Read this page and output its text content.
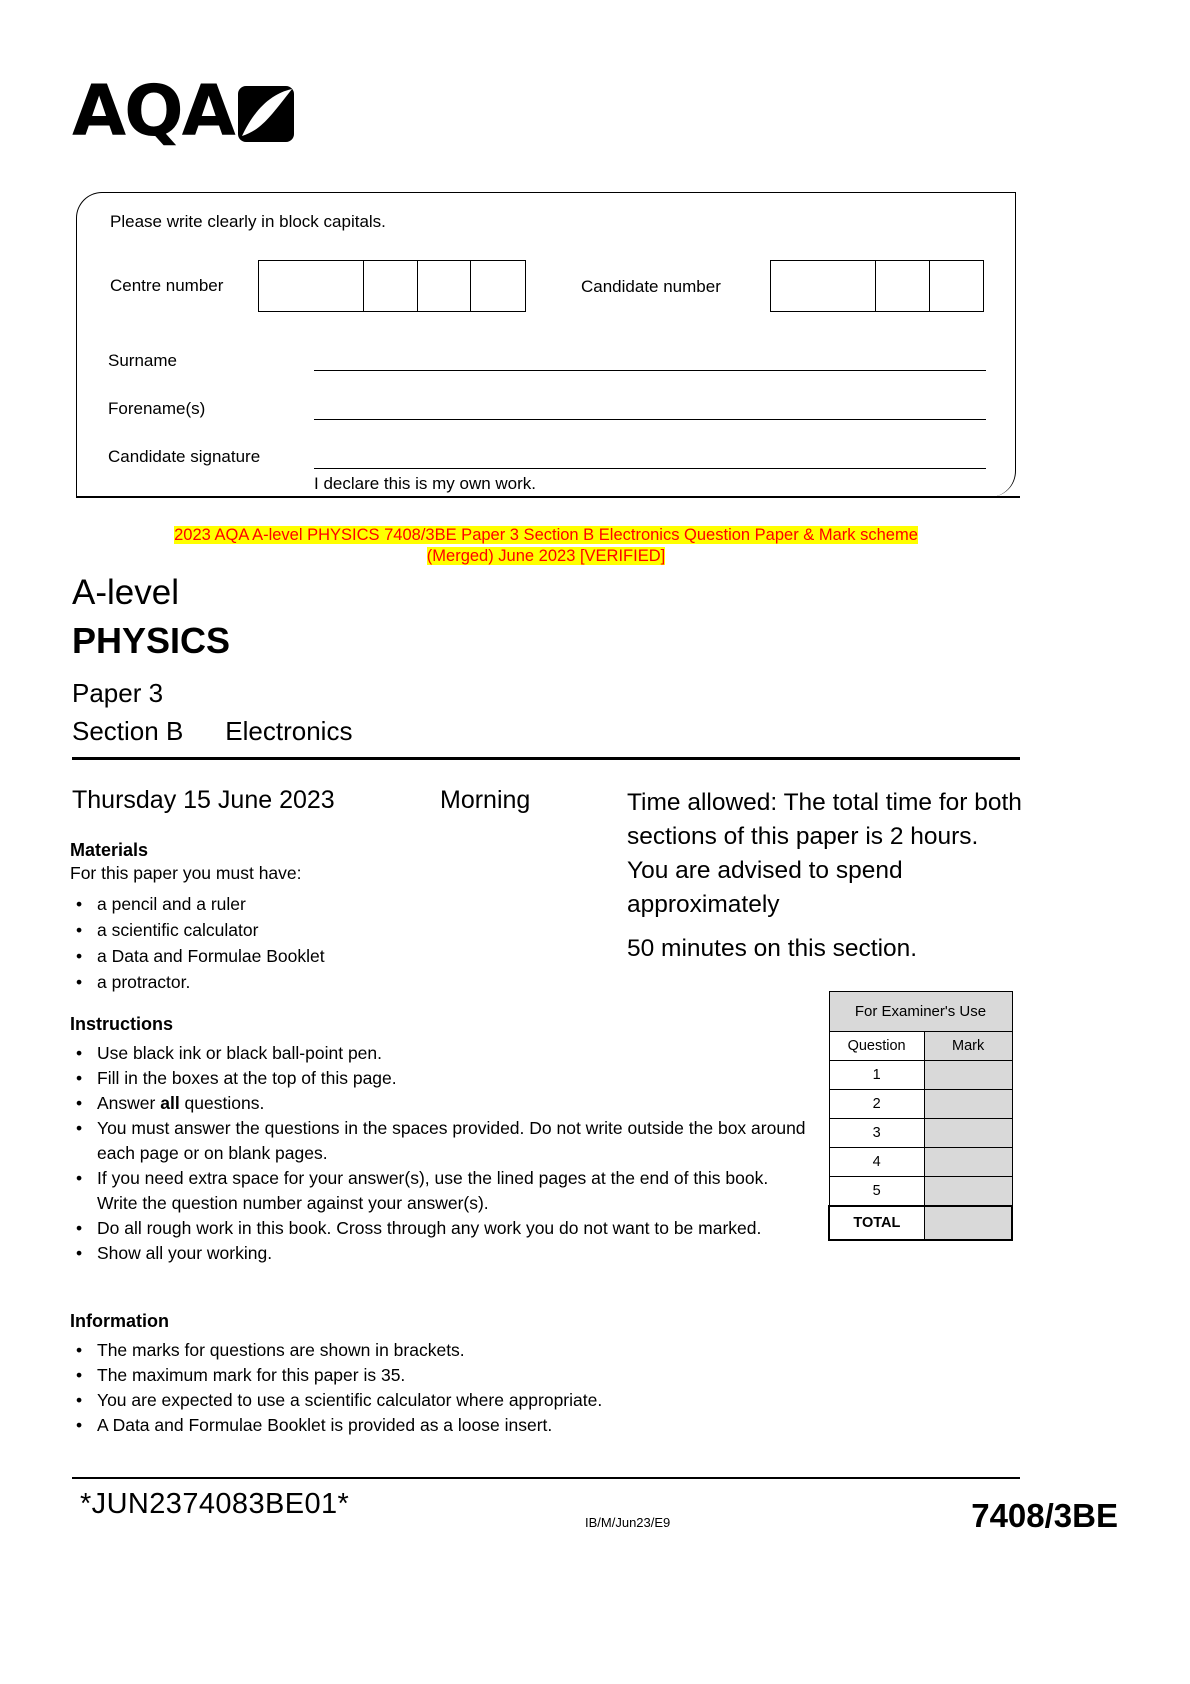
AQA
Please write clearly in block capitals.
Centre number	Candidate number
Surname
Forename(s)
Candidate signature
I declare this is my own work.
2023 AQA A-level PHYSICS 7408/3BE Paper 3 Section B Electronics Question Paper & Mark scheme
(Merged) June 2023 [VERIFIED]
A-level
PHYSICS
Paper 3
Section B Electronics
Thursday 15 June 2023	Morning	Time allowed: The total time for both sections of this paper is 2 hours. You are advised to spend approximately
50 minutes on this section.
Materials
For this paper you must have:
• a pencil and a ruler
• a scientific calculator
• a Data and Formulae Booklet
• a protractor.
Instructions
• Use black ink or black ball-point pen.
• Fill in the boxes at the top of this page.
• Answer all questions.
• You must answer the questions in the spaces provided. Do not write outside the box around each page or on blank pages.
• If you need extra space for your answer(s), use the lined pages at the end of this book. Write the question number against your answer(s).
• Do all rough work in this book. Cross through any work you do not want to be marked.
• Show all your working.
Information
• The marks for questions are shown in brackets.
• The maximum mark for this paper is 35.
• You are expected to use a scientific calculator where appropriate.
• A Data and Formulae Booklet is provided as a loose insert.
For Examiner's Use	
Question	Mark
1	
2	
3	
4	
5	
TOTAL	
*JUN2374083BE01*
IB/M/Jun23/E9	7408/3BE
